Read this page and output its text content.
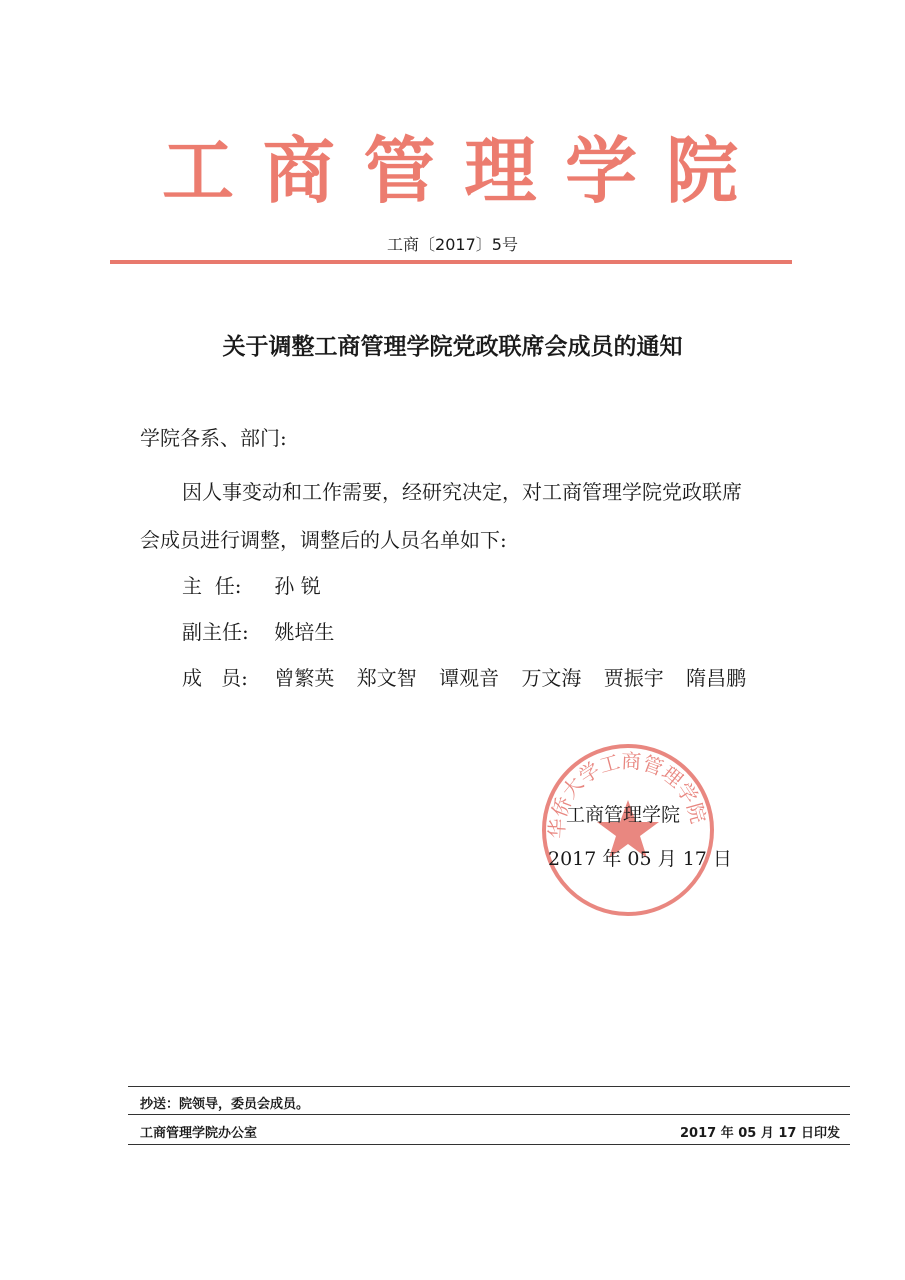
工 商 管 理 学 院
工商〔2017〕5号
关于调整工商管理学院党政联席会成员的通知
学院各系、部门:
因人事变动和工作需要，经研究决定，对工商管理学院党政联席
会成员进行调整，调整后的人员名单如下:
主  任: 孙 锐
副主任: 姚培生
成   员: 曾繁英 郑文智 谭观音 万文海 贾振宇 隋昌鹏
华侨大学工商管理学院
工商管理学院
2017 年 05 月 17 日
抄送：院领导，委员会成员。
工商管理学院办公室	2017 年 05 月 17 日印发
